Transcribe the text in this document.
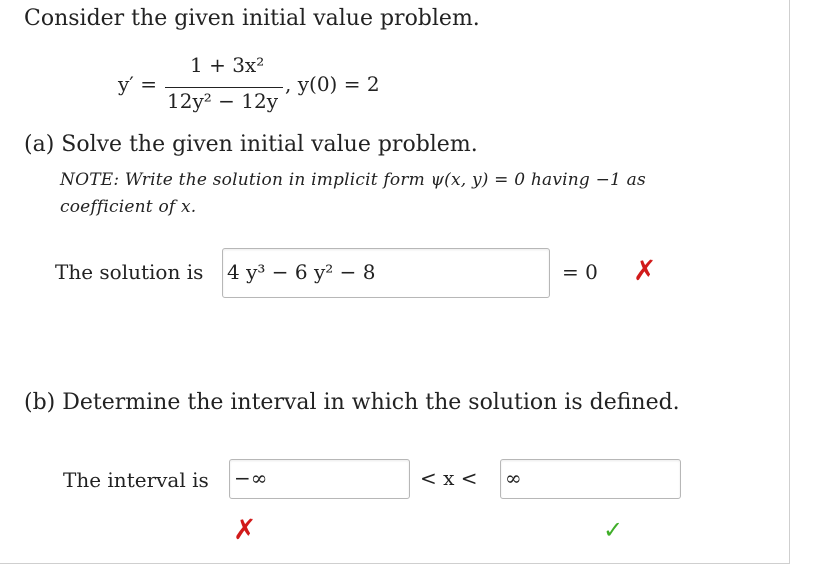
Consider the given initial value problem.
y′ =
1 + 3x²
12y² − 12y
, y(0) = 2
(a) Solve the given initial value problem.
NOTE: Write the solution in implicit form ψ(x, y) = 0 having −1 as
coefficient of x.
The solution is 4 y³ − 6 y² − 8	= 0 ✗
(b) Determine the interval in which the solution is defined.
The interval is −∞	< x < ∞
✗	✓
